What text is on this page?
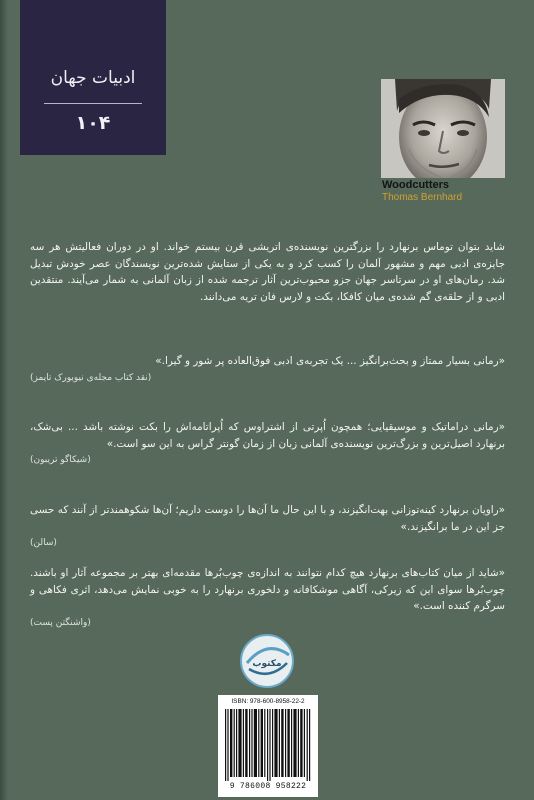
ادبیات جهان
۱۰۴
Woodcutters
Thomas Bernhard

شاید بتوان توماس برنهارد را بزرگترین نویسنده‌ی اتریشی قرن بیستم خواند. او در دوران فعالیتش هر سه جایزه‌ی ادبی مهم و مشهور آلمان را کسب کرد و به یکی از ستایش شده‌ترین نویسندگان عصر خودش تبدیل شد. رمان‌های او در سرتاسر جهان جزو محبوب‌ترین آثار ترجمه شده از زبان آلمانی به شمار می‌آیند. منتقدین ادبی و از حلقه‌ی گم شده‌ی میان کافکا، بکت و لارس فان تریه می‌دانند.

«رمانی بسیار ممتاز و بحث‌برانگیز ... یک تجربه‌ی ادبی فوق‌العاده پر شور و گیرا.»

(نقد کتاب مجله‌ی نیویورک تایمز)

«رمانی دراماتیک و موسیقیایی؛ همچون اُپرتی از اشتراوس که اُپراتامه‌اش را بکت نوشته باشد ... بی‌شک، برنهارد اصیل‌ترین و بزرگ‌ترین نویسنده‌ی آلمانی زبان از زمان گونتر گراس به این سو است.»

(شیکاگو تریبون)

«راویان برنهارد کینه‌توزانی بهت‌انگیزند، و با این حال ما آن‌ها را دوست داریم؛ آن‌ها شکوهمندتر از آنند که حسی جز این در ما برانگیزند.»

(سالن)

«شاید از میان کتاب‌های برنهارد هیچ کدام نتوانند به اندازه‌ی چوب‌بُرها مقدمه‌ای بهتر بر مجموعه آثار او باشند. چوب‌بُرها سوای این که زیرکی، آگاهی موشکافانه و دلخوری برنهارد را به خوبی نمایش می‌دهد، اثری فکاهی و سرگرم کننده است.»

(واشنگتن پست)
مکتوب
ISBN: 978-600-8958-22-2
9 786008 958222
